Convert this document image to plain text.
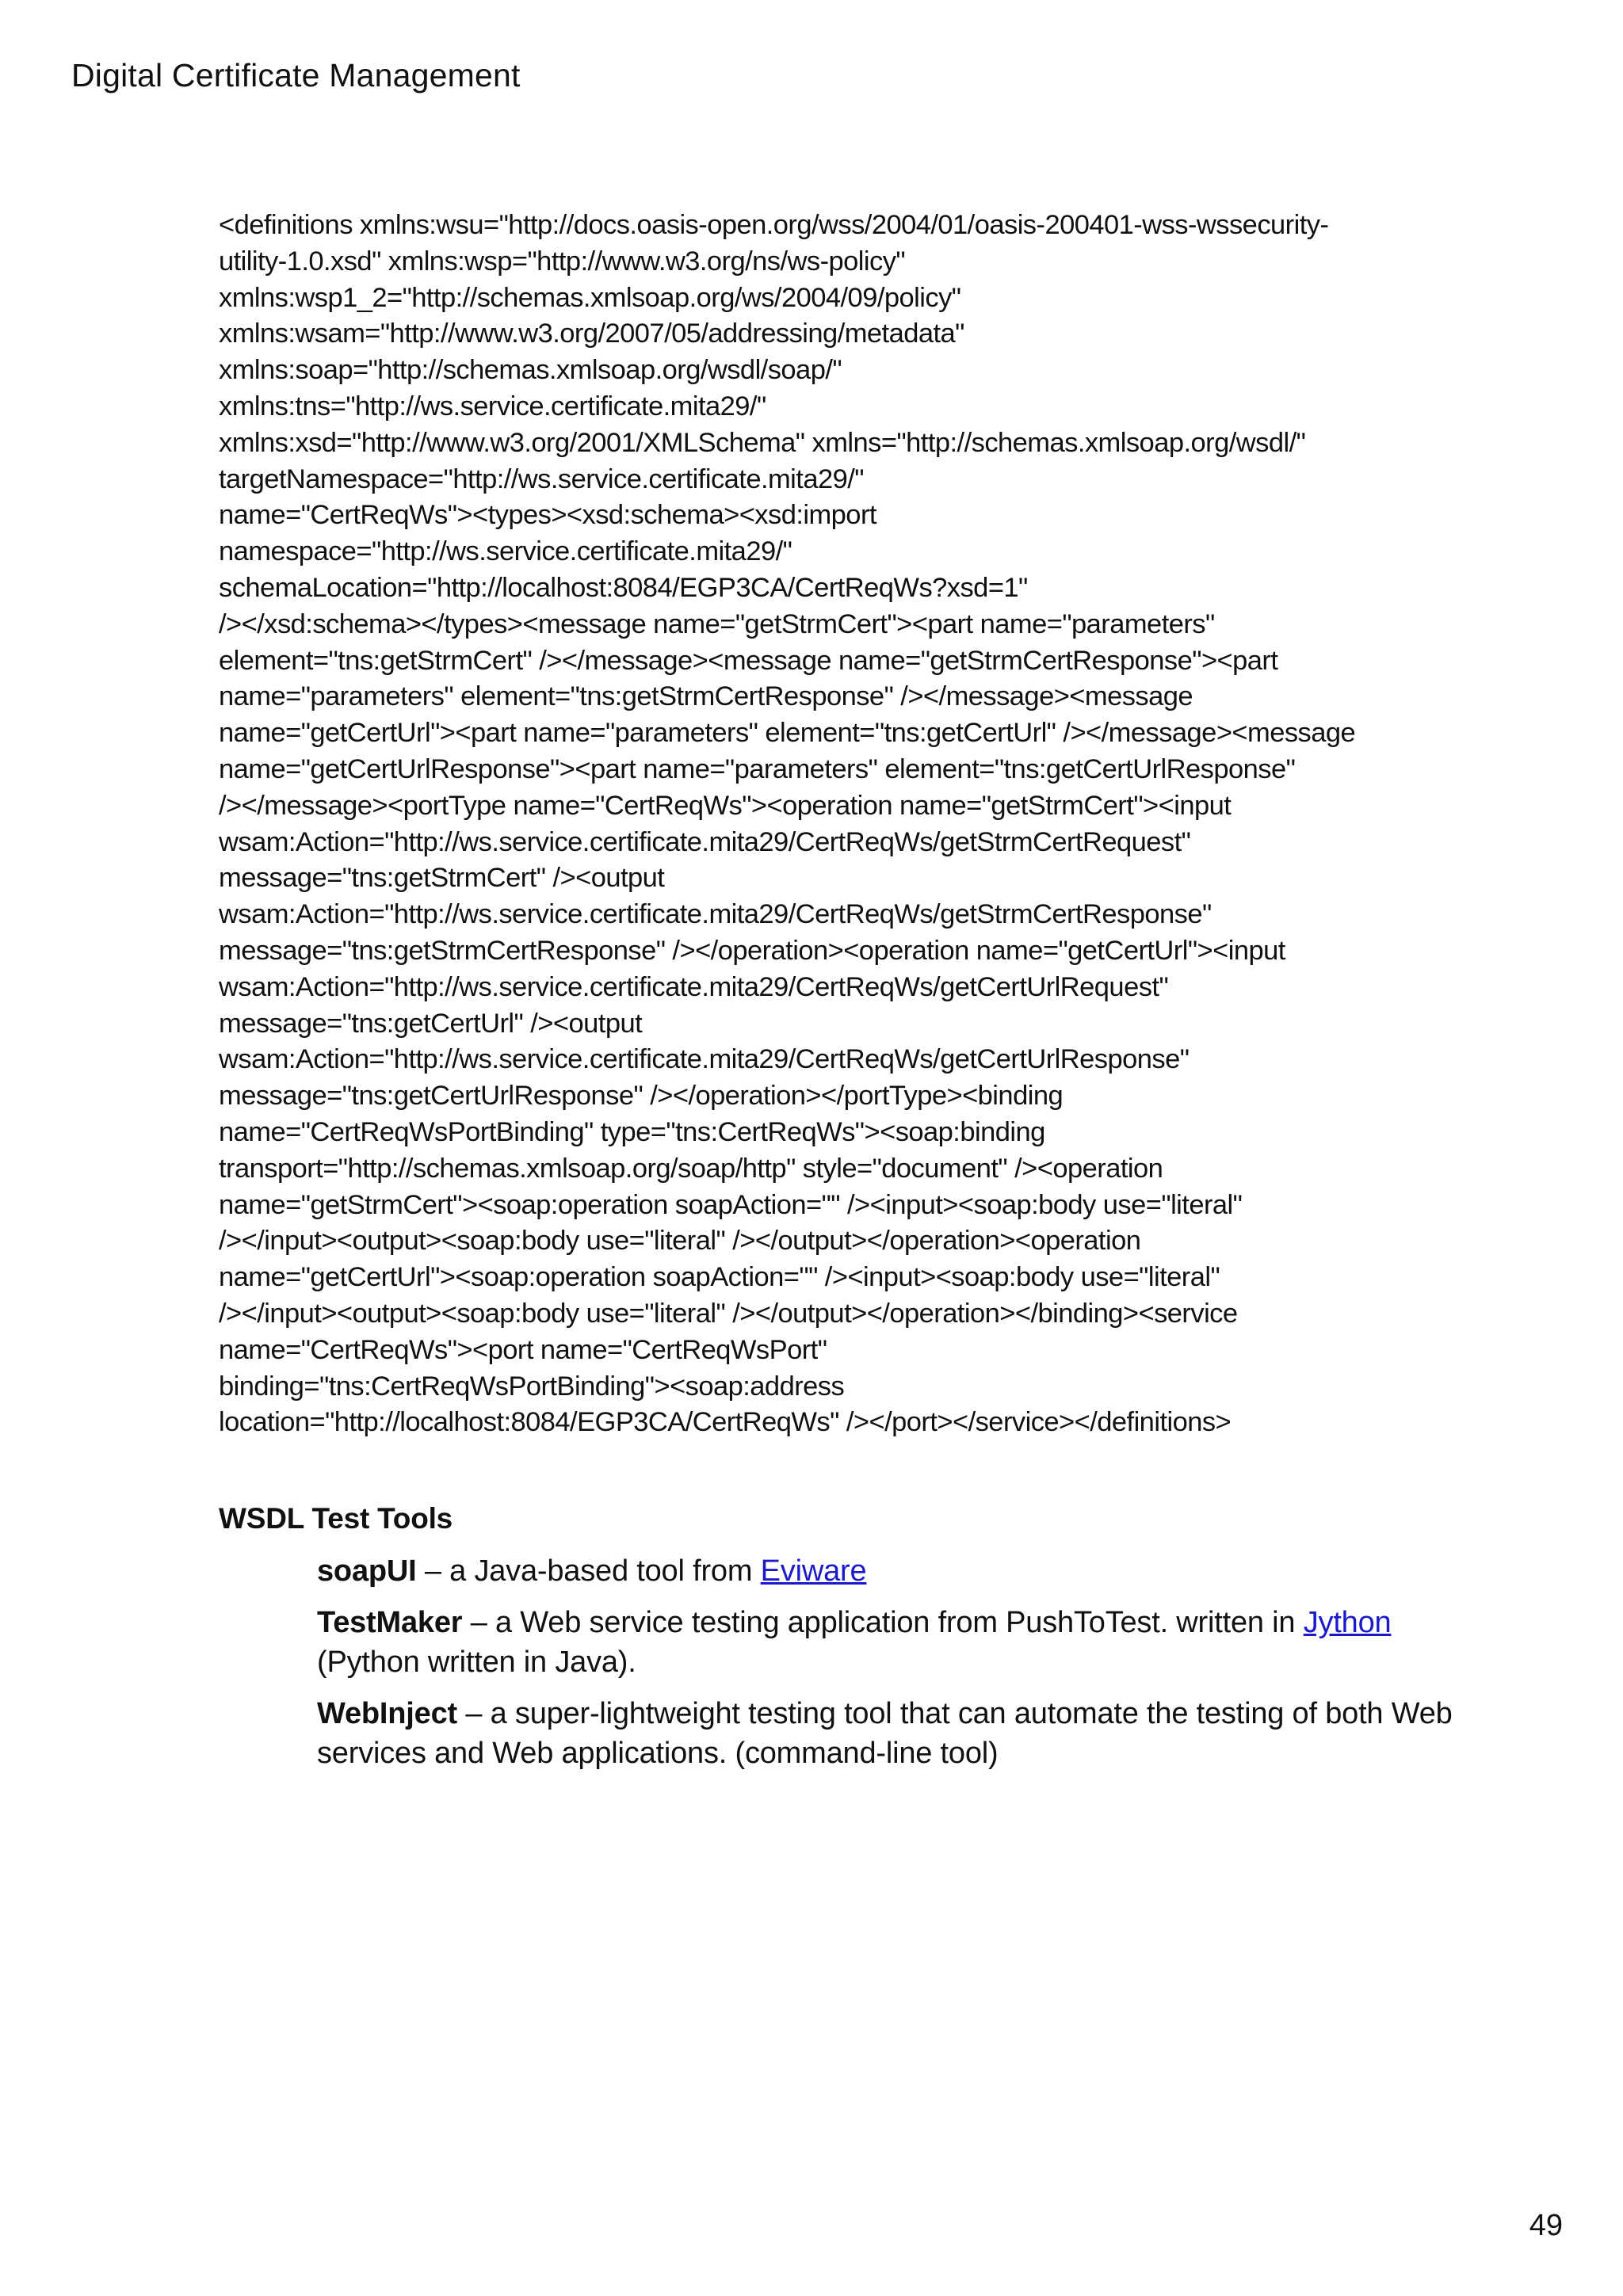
Digital Certificate Management
<definitions xmlns:wsu="http://docs.oasis-open.org/wss/2004/01/oasis-200401-wss-wssecurity-
utility-1.0.xsd" xmlns:wsp="http://www.w3.org/ns/ws-policy"
xmlns:wsp1_2="http://schemas.xmlsoap.org/ws/2004/09/policy"
xmlns:wsam="http://www.w3.org/2007/05/addressing/metadata"
xmlns:soap="http://schemas.xmlsoap.org/wsdl/soap/"
xmlns:tns="http://ws.service.certificate.mita29/"
xmlns:xsd="http://www.w3.org/2001/XMLSchema" xmlns="http://schemas.xmlsoap.org/wsdl/"
targetNamespace="http://ws.service.certificate.mita29/"
name="CertReqWs"><types><xsd:schema><xsd:import
namespace="http://ws.service.certificate.mita29/"
schemaLocation="http://localhost:8084/EGP3CA/CertReqWs?xsd=1"
/></xsd:schema></types><message name="getStrmCert"><part name="parameters"
element="tns:getStrmCert" /></message><message name="getStrmCertResponse"><part
name="parameters" element="tns:getStrmCertResponse" /></message><message
name="getCertUrl"><part name="parameters" element="tns:getCertUrl" /></message><message
name="getCertUrlResponse"><part name="parameters" element="tns:getCertUrlResponse"
/></message><portType name="CertReqWs"><operation name="getStrmCert"><input
wsam:Action="http://ws.service.certificate.mita29/CertReqWs/getStrmCertRequest"
message="tns:getStrmCert" /><output
wsam:Action="http://ws.service.certificate.mita29/CertReqWs/getStrmCertResponse"
message="tns:getStrmCertResponse" /></operation><operation name="getCertUrl"><input
wsam:Action="http://ws.service.certificate.mita29/CertReqWs/getCertUrlRequest"
message="tns:getCertUrl" /><output
wsam:Action="http://ws.service.certificate.mita29/CertReqWs/getCertUrlResponse"
message="tns:getCertUrlResponse" /></operation></portType><binding
name="CertReqWsPortBinding" type="tns:CertReqWs"><soap:binding
transport="http://schemas.xmlsoap.org/soap/http" style="document" /><operation
name="getStrmCert"><soap:operation soapAction="" /><input><soap:body use="literal"
/></input><output><soap:body use="literal" /></output></operation><operation
name="getCertUrl"><soap:operation soapAction="" /><input><soap:body use="literal"
/></input><output><soap:body use="literal" /></output></operation></binding><service
name="CertReqWs"><port name="CertReqWsPort"
binding="tns:CertReqWsPortBinding"><soap:address
location="http://localhost:8084/EGP3CA/CertReqWs" /></port></service></definitions>
WSDL Test Tools

soapUI – a Java-based tool from Eviware

TestMaker – a Web service testing application from PushToTest. written in Jython (Python written in Java).

WebInject – a super-lightweight testing tool that can automate the testing of both Web services and Web applications. (command-line tool)

49
